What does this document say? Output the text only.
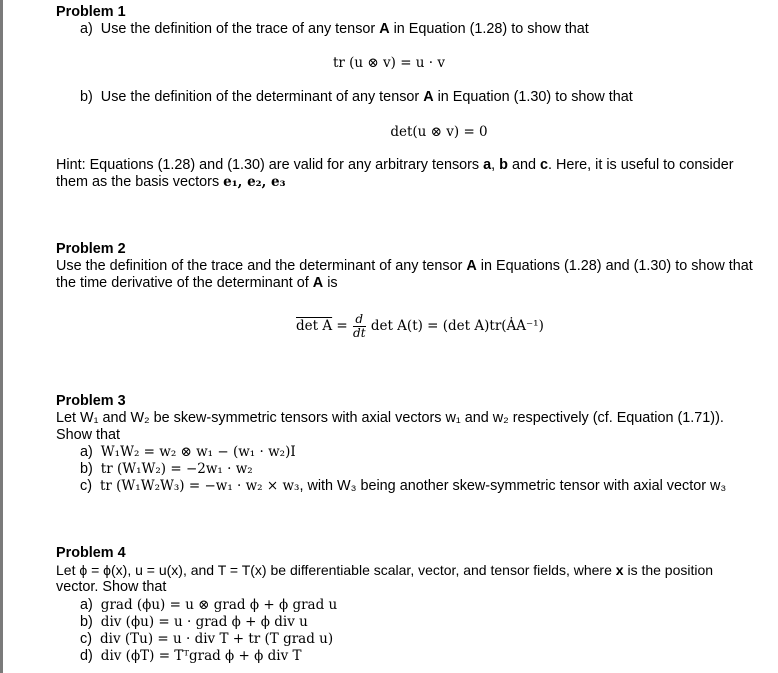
Problem 1
a) Use the definition of the trace of any tensor A in Equation (1.28) to show that
tr (u ⊗ v) = u · v
b) Use the definition of the determinant of any tensor A in Equation (1.30) to show that
det(u ⊗ v) = 0
Hint: Equations (1.28) and (1.30) are valid for any arbitrary tensors a, b and c. Here, it is useful to consider
them as the basis vectors e₁, e₂, e₃
Problem 2
Use the definition of the trace and the determinant of any tensor A in Equations (1.28) and (1.30) to show that
the time derivative of the determinant of A is
$\det A = \frac{d}{dt}$ det A(t) = (det A)tr(ȦA⁻¹)
Problem 3
Let W₁ and W₂ be skew-symmetric tensors with axial vectors w₁ and w₂ respectively (cf. Equation (1.71)).
Show that
a) W₁W₂ = w₂ ⊗ w₁ − (w₁ · w₂)I
b) tr (W₁W₂) = −2w₁ · w₂
c) tr (W₁W₂W₃) = −w₁ · w₂ × w₃, with W₃ being another skew-symmetric tensor with axial vector w₃
Problem 4
Let ϕ = ϕ(x), u = u(x), and T = T(x) be differentiable scalar, vector, and tensor fields, where x is the position
vector. Show that
a) grad (ϕu) = u ⊗ grad ϕ + ϕ grad u
b) div (ϕu) = u · grad ϕ + ϕ div u
c) div (Tu) = u · div T + tr (T grad u)
d) div (ϕT) = Tᵀgrad ϕ + ϕ div T
